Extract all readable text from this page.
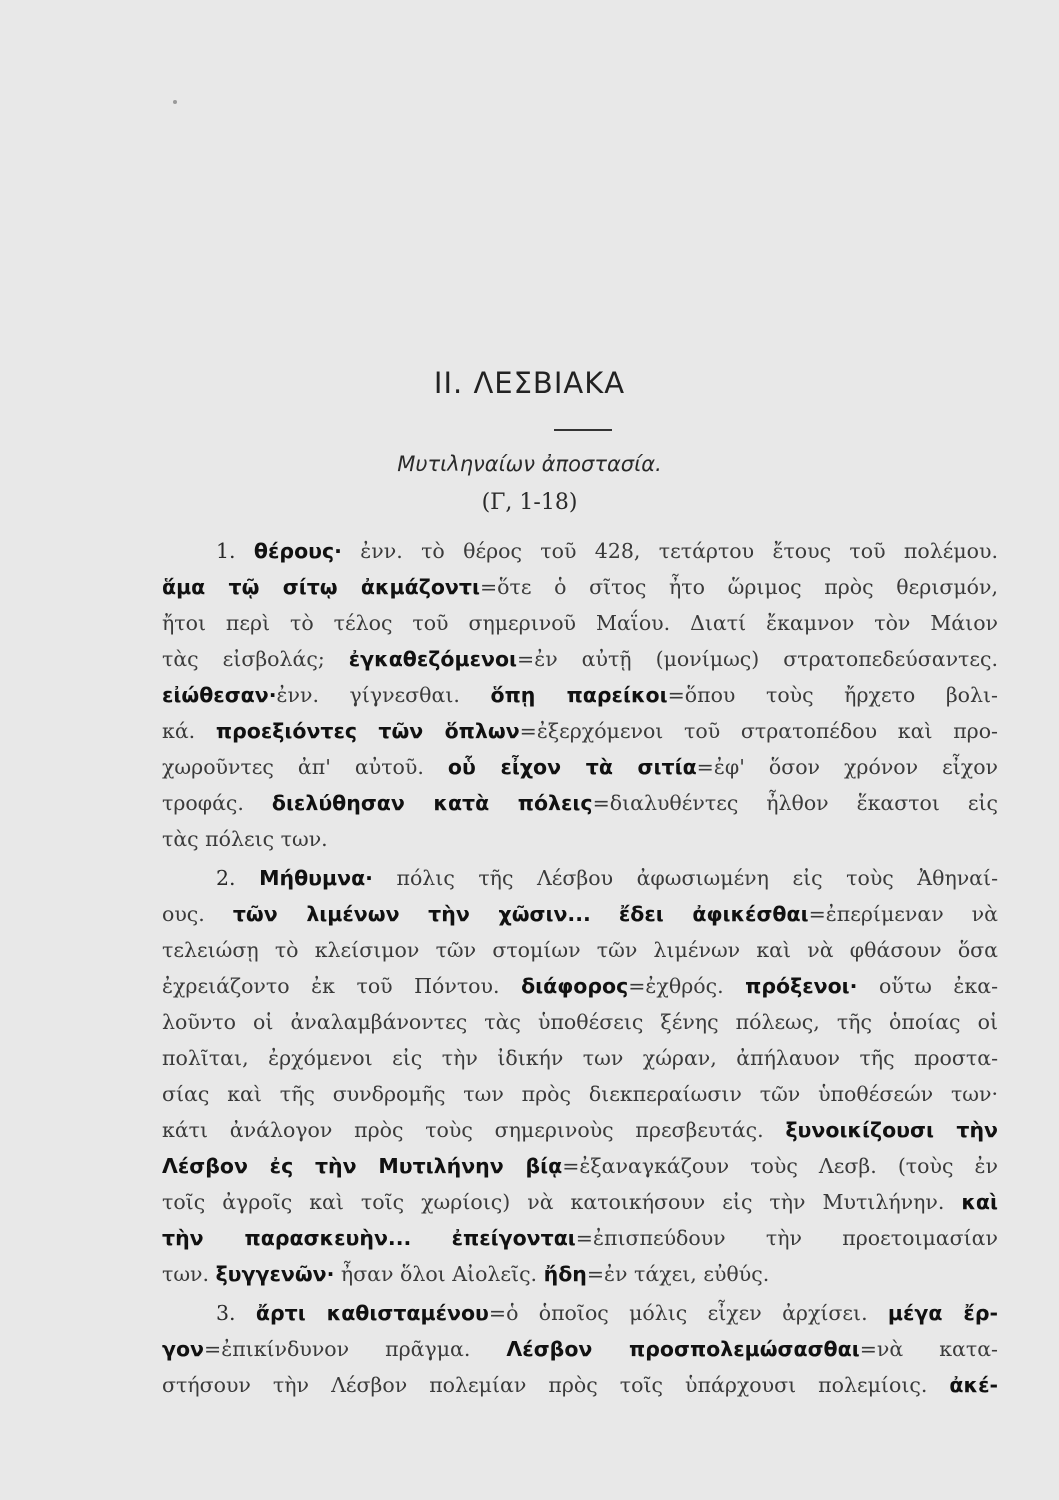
II. ΛΕΣΒΙΑΚΑ
Μυτιληναίων ἀποστασία.
(Γ, 1-18)
1. θέρους· ἐνν. τὸ θέρος τοῦ 428, τετάρτου ἔτους τοῦ πολέμου.
ἅμα τῷ σίτῳ ἀκμάζοντι=ὅτε ὁ σῖτος ἦτο ὥριμος πρὸς θερισμόν,
ἤτοι περὶ τὸ τέλος τοῦ σημερινοῦ Μαΐου. Διατί ἔκαμνον τὸν Μάιον
τὰς εἰσβολάς; ἐγκαθεζόμενοι=ἐν αὐτῇ (μονίμως) στρατοπεδεύσαντες.
εἰώθεσαν·ἐνν. γίγνεσθαι. ὅπῃ παρείκοι=ὅπου τοὺς ἤρχετο βολι-
κά. προεξιόντες τῶν ὅπλων=ἐξερχόμενοι τοῦ στρατοπέδου καὶ προ-
χωροῦντες ἀπ' αὐτοῦ. οὗ εἶχον τὰ σιτία=ἐφ' ὅσον χρόνον εἶχον
τροφάς. διελύθησαν κατὰ πόλεις=διαλυθέντες ἦλθον ἕκαστοι εἰς
τὰς πόλεις των.
2. Μήθυμνα· πόλις τῆς Λέσβου ἀφωσιωμένη εἰς τοὺς Ἀθηναί-
ους. τῶν λιμένων τὴν χῶσιν... ἔδει ἀφικέσθαι=ἐπερίμεναν νὰ
τελειώσῃ τὸ κλείσιμον τῶν στομίων τῶν λιμένων καὶ νὰ φθάσουν ὅσα
ἐχρειάζοντο ἐκ τοῦ Πόντου. διάφορος=ἐχθρός. πρόξενοι· οὕτω ἐκα-
λοῦντο οἱ ἀναλαμβάνοντες τὰς ὑποθέσεις ξένης πόλεως, τῆς ὁποίας οἱ
πολῖται, ἐρχόμενοι εἰς τὴν ἰδικήν των χώραν, ἀπήλαυον τῆς προστα-
σίας καὶ τῆς συνδρομῆς των πρὸς διεκπεραίωσιν τῶν ὑποθέσεών των·
κάτι ἀνάλογον πρὸς τοὺς σημερινοὺς πρεσβευτάς. ξυνοικίζουσι τὴν
Λέσβον ἐς τὴν Μυτιλήνην βίᾳ=ἐξαναγκάζουν τοὺς Λεσβ. (τοὺς ἐν
τοῖς ἀγροῖς καὶ τοῖς χωρίοις) νὰ κατοικήσουν εἰς τὴν Μυτιλήνην. καὶ
τὴν παρασκευὴν... ἐπείγονται=ἐπισπεύδουν τὴν προετοιμασίαν
των. ξυγγενῶν· ἦσαν ὅλοι Αἰολεῖς. ἤδη=ἐν τάχει, εὐθύς.
3. ἄρτι καθισταμένου=ὁ ὁποῖος μόλις εἶχεν ἀρχίσει. μέγα ἔρ-
γον=ἐπικίνδυνον πρᾶγμα. Λέσβον προσπολεμώσασθαι=νὰ κατα-
στήσουν τὴν Λέσβον πολεμίαν πρὸς τοῖς ὑπάρχουσι πολεμίοις. ἀκέ-
